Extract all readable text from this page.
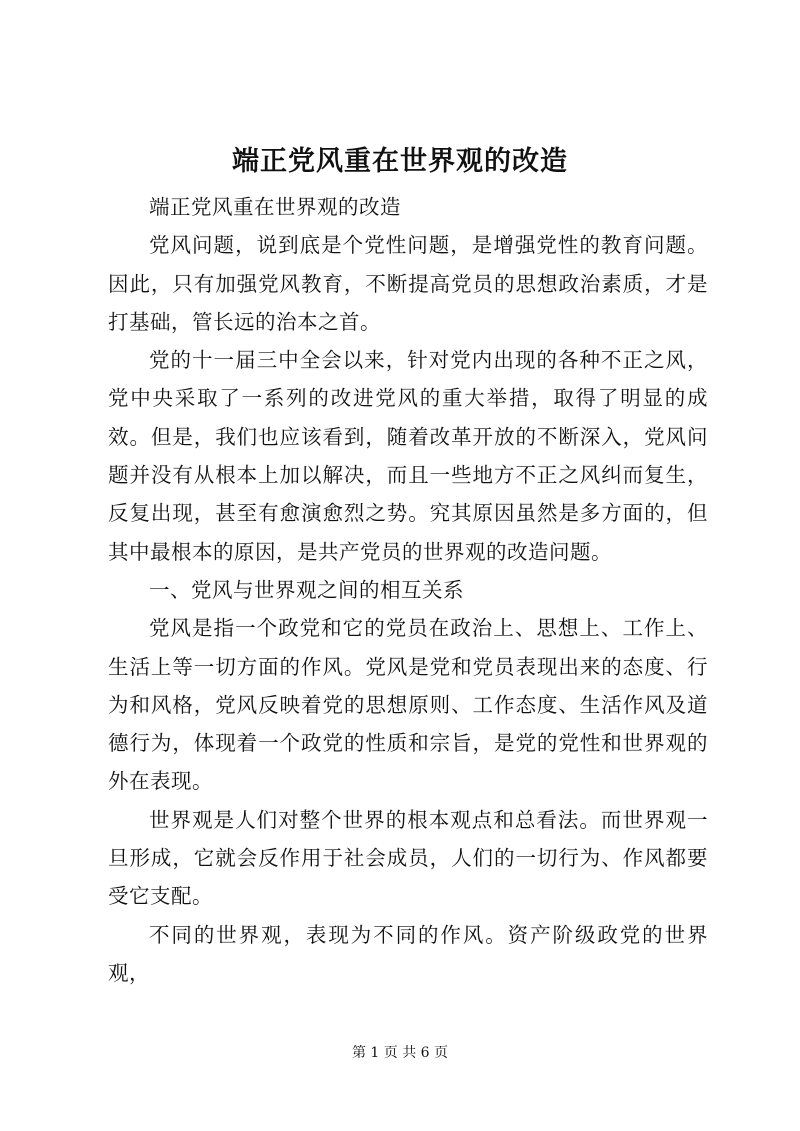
端正党风重在世界观的改造

端正党风重在世界观的改造

党风问题，说到底是个党性问题，是增强党性的教育问题。因此，只有加强党风教育，不断提高党员的思想政治素质，才是打基础，管长远的治本之首。

党的十一届三中全会以来，针对党内出现的各种不正之风，党中央采取了一系列的改进党风的重大举措，取得了明显的成效。但是，我们也应该看到，随着改革开放的不断深入，党风问题并没有从根本上加以解决，而且一些地方不正之风纠而复生，反复出现，甚至有愈演愈烈之势。究其原因虽然是多方面的，但其中最根本的原因，是共产党员的世界观的改造问题。

一、党风与世界观之间的相互关系

党风是指一个政党和它的党员在政治上、思想上、工作上、生活上等一切方面的作风。党风是党和党员表现出来的态度、行为和风格，党风反映着党的思想原则、工作态度、生活作风及道德行为，体现着一个政党的性质和宗旨，是党的党性和世界观的外在表现。

世界观是人们对整个世界的根本观点和总看法。而世界观一旦形成，它就会反作用于社会成员，人们的一切行为、作风都要受它支配。

不同的世界观，表现为不同的作风。资产阶级政党的世界观，

第 1 页 共 6 页
